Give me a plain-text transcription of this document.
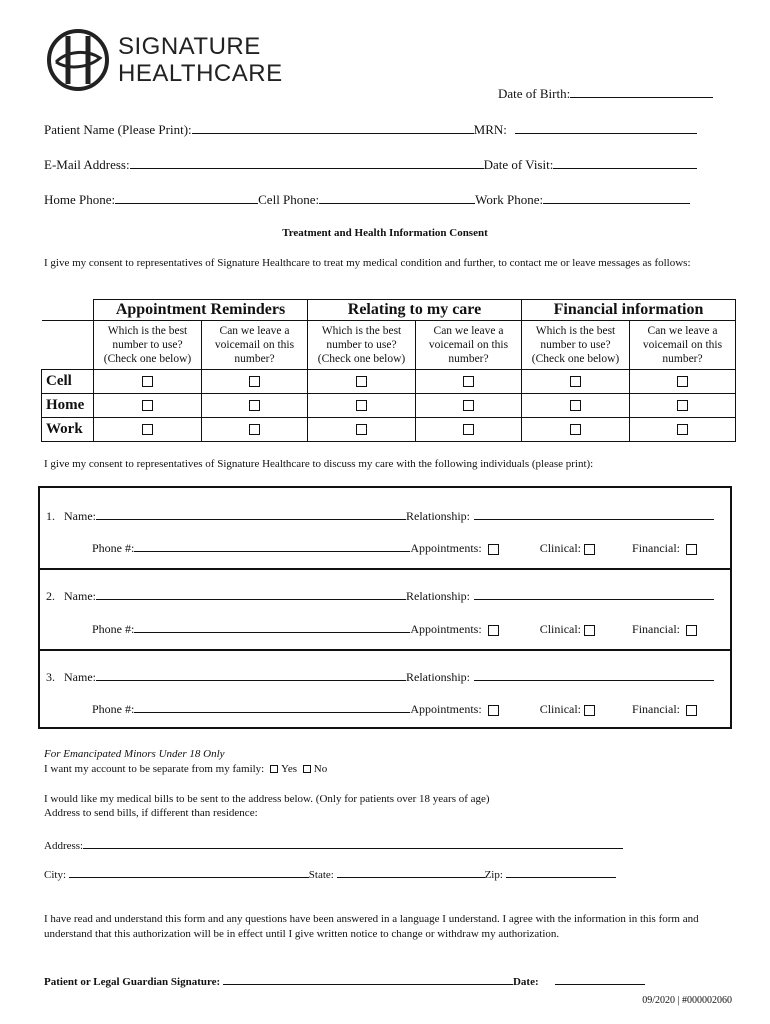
SIGNATURE
HEALTHCARE
Date of Birth:
Patient Name (Please Print):	MRN:
E-Mail Address:	Date of Visit:
Home Phone:	Cell Phone:	Work Phone:
Treatment and Health Information Consent
I give my consent to representatives of Signature Healthcare to treat my medical condition and further, to contact me or leave messages as follows:
	Appointment Reminders		Relating to my care		Financial information	
	Which is the best number to use? (Check one below)	Can we leave a voicemail on this number?	Which is the best number to use? (Check one below)	Can we leave a voicemail on this number?	Which is the best number to use? (Check one below)	Can we leave a voicemail on this number?
Cell						
Home						
Work						
I give my consent to representatives of Signature Healthcare to discuss my care with the following individuals (please print):
1. Name:	Relationship:
Phone #:	Appointments:	Clinical:	Financial:
2. Name:	Relationship:
Phone #:	Appointments:	Clinical:	Financial:
3. Name:	Relationship:
Phone #:	Appointments:	Clinical:	Financial:
For Emancipated Minors Under 18 Only
I want my account to be separate from my family: Yes No
I would like my medical bills to be sent to the address below. (Only for patients over 18 years of age)
Address to send bills, if different than residence:
Address:
City:	State:	Zip:
I have read and understand this form and any questions have been answered in a language I understand. I agree with the information in this form and understand that this authorization will be in effect until I give written notice to change or withdraw my authorization.
Patient or Legal Guardian Signature:	Date:
09/2020 | #000002060
